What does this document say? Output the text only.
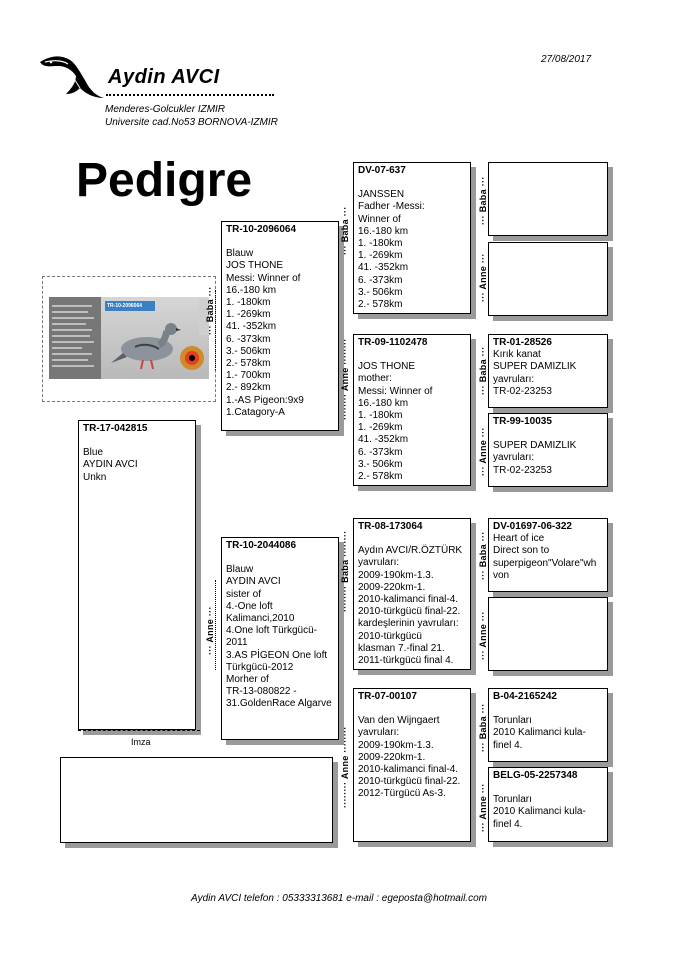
27/08/2017
Aydin AVCI
Menderes-Golcukler IZMIR
Universite cad.No53 BORNOVA-IZMIR
Pedigre
TR-10-2096064
TR-17-042815
Blue
AYDIN AVCI
Unkn
Imza
··· Baba ···
TR-10-2096064
Blauw
JOS THONE
Messi: Winner of
16.-180 km
1. -180km
1. -269km
41. -352km
6. -373km
3.- 506km
2.- 578km
1.- 700km
2.- 892km
1.-AS Pigeon:9x9
1.Catagory-A
··· Anne ···
TR-10-2044086
Blauw
AYDIN AVCI
sister of
4.-One loft
Kalimanci,2010
4.One loft Türkgücü-
2011
3.AS PİGEON One loft
Türkgücü-2012
Morher of
TR-13-080822 -
31.GoldenRace Algarve
··· Baba ···
········ Anne ········
········ Baba ········
········ Anne ········
DV-07-637
JANSSEN
Fadher -Messi:
Winner of
16.-180 km
1. -180km
1. -269km
41. -352km
6. -373km
3.- 506km
2.- 578km
TR-09-1102478
JOS THONE
mother:
Messi: Winner of
16.-180 km
1. -180km
1. -269km
41. -352km
6. -373km
3.- 506km
2.- 578km
TR-08-173064
Aydın AVCI/R.ÖZTÜRK
yavruları:
2009-190km-1.3.
2009-220km-1.
2010-kalimanci final-4.
2010-türkgücü final-22.
kardeşlerinin yavruları:
2010-türkgücü
klasman 7.-final 21.
2011-türkgücü final 4.
TR-07-00107
Van den Wijngaert
yavruları:
2009-190km-1.3.
2009-220km-1.
2010-kalimanci final-4.
2010-türkgücü final-22.
2012-Türgücü As-3.
··· Baba ···
··· Anne ···
··· Baba ···
··· Anne ···
··· Baba ···
··· Anne ···
··· Baba ···
··· Anne ···
TR-01-28526
Kırık kanat
SUPER DAMIZLIK
yavruları:
TR-02-23253
TR-99-10035
SUPER DAMIZLIK
yavruları:
TR-02-23253
DV-01697-06-322
Heart of ice
Direct son to
superpigeon"Volare"wh
von
B-04-2165242
Torunları
2010 Kalimanci kula-
finel 4.
BELG-05-2257348
Torunları
2010 Kalimanci kula-
finel 4.
Aydin AVCI telefon : 05333313681 e-mail : egeposta@hotmail.com
